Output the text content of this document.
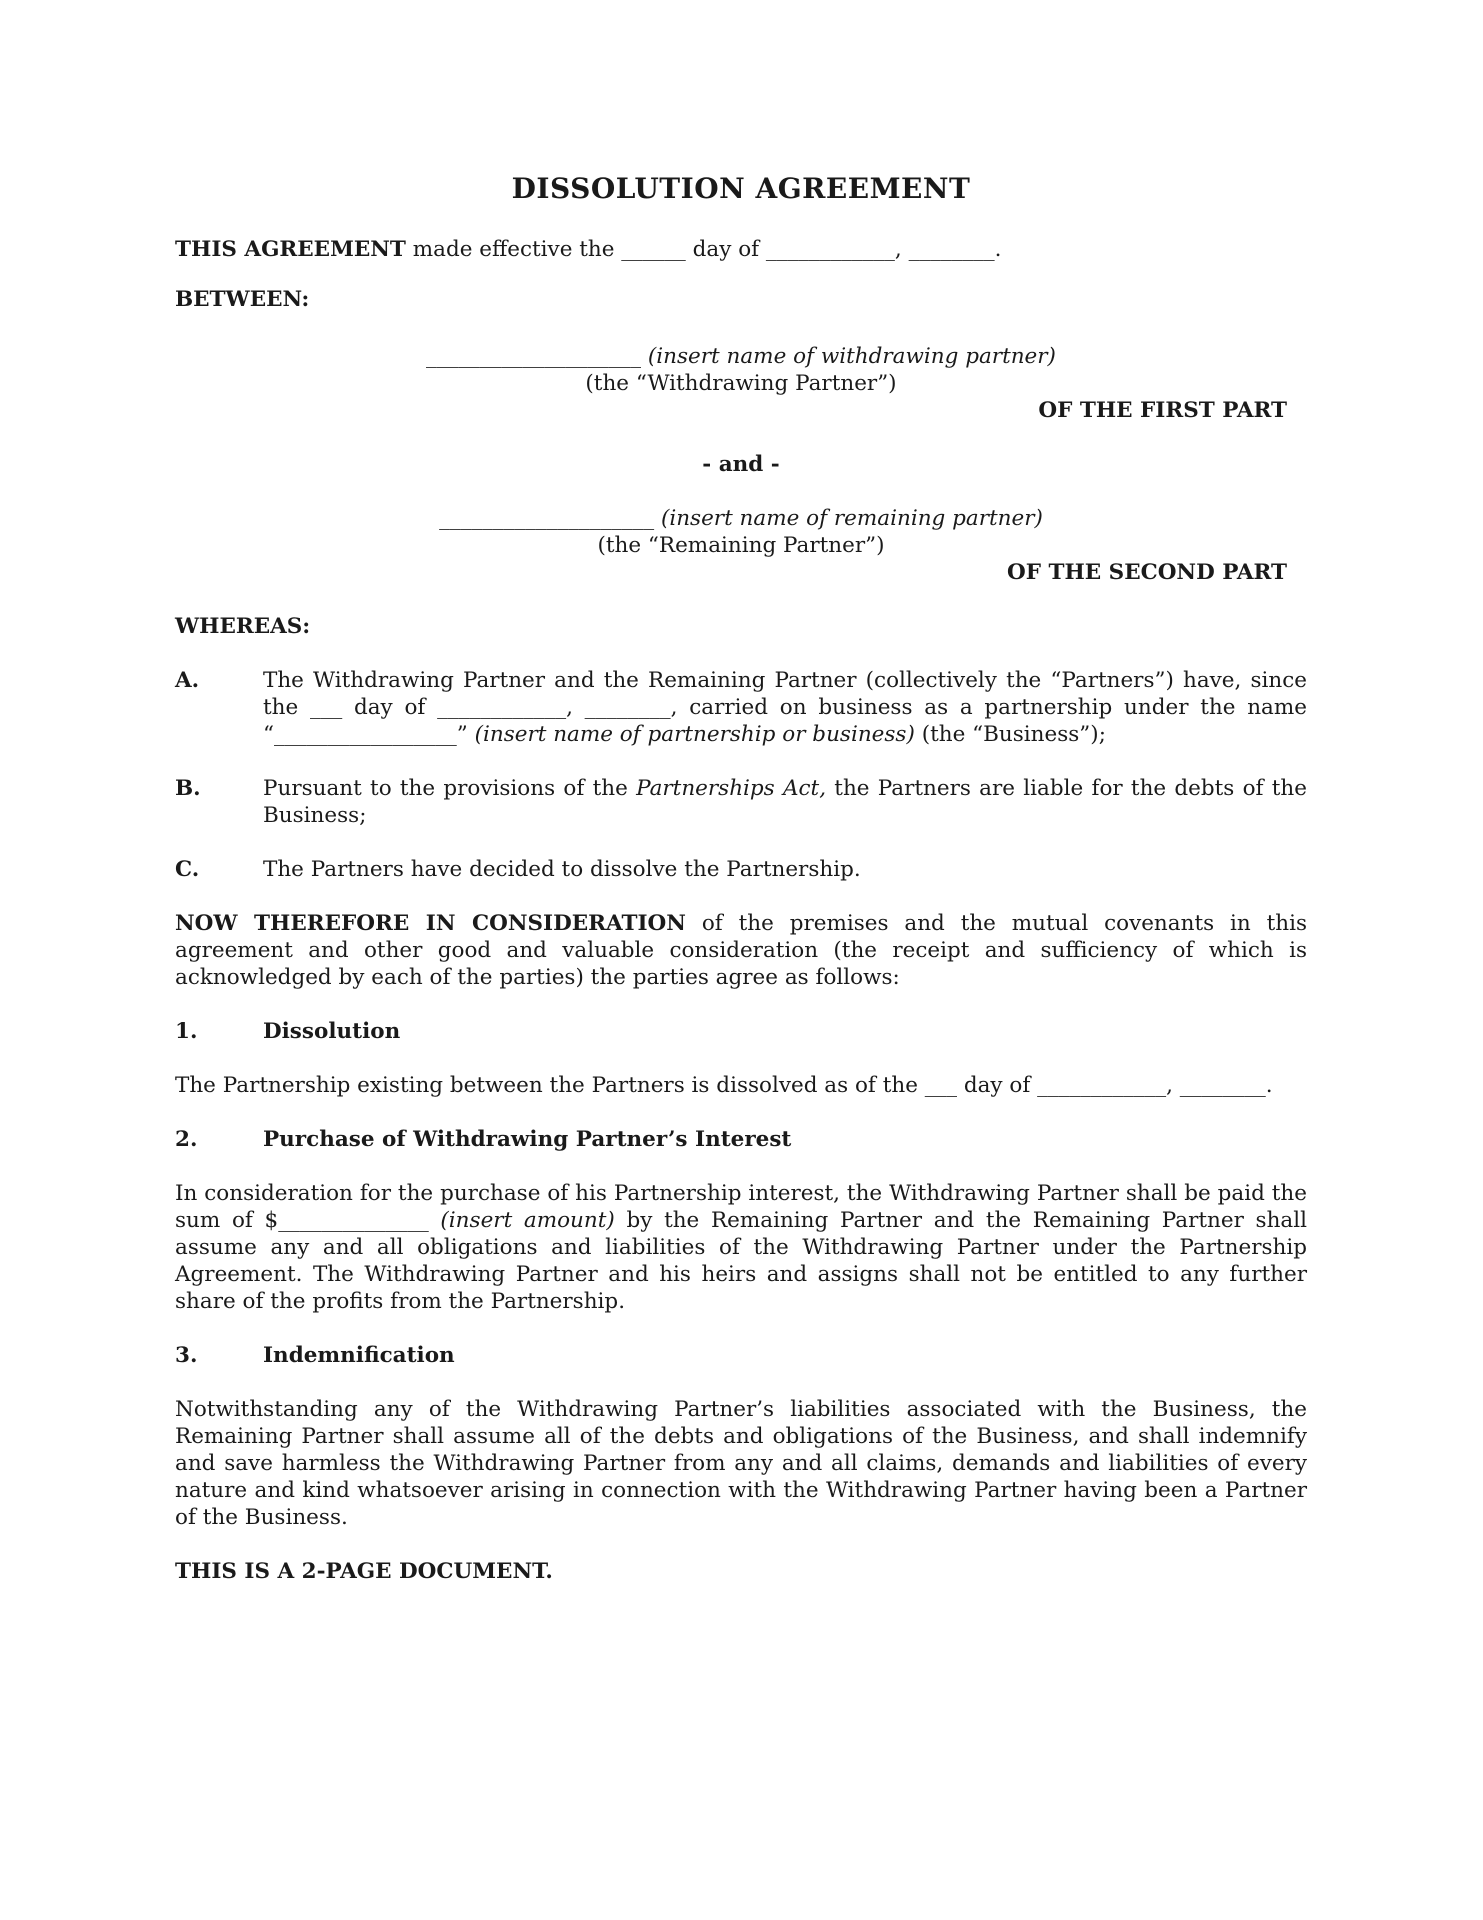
DISSOLUTION AGREEMENT

THIS AGREEMENT made effective the ______ day of ____________, ________.

BETWEEN:

____________________ (insert name of withdrawing partner)
(the “Withdrawing Partner”)

OF THE FIRST PART

- and -

____________________ (insert name of remaining partner)
(the “Remaining Partner”)

OF THE SECOND PART

WHEREAS:

A.	The Withdrawing Partner and the Remaining Partner (collectively the “Partners”) have, since the ___ day of ____________, ________, carried on business as a partnership under the name “_________________” (insert name of partnership or business) (the “Business”);
B.	Pursuant to the provisions of the Partnerships Act, the Partners are liable for the debts of the Business;
C.	The Partners have decided to dissolve the Partnership.

NOW THEREFORE IN CONSIDERATION of the premises and the mutual covenants in this agreement and other good and valuable consideration (the receipt and sufficiency of which is acknowledged by each of the parties) the parties agree as follows:

1.	Dissolution

The Partnership existing between the Partners is dissolved as of the ___ day of ____________, ________.

2.	Purchase of Withdrawing Partner’s Interest

In consideration for the purchase of his Partnership interest, the Withdrawing Partner shall be paid the sum of $______________ (insert amount) by the Remaining Partner and the Remaining Partner shall assume any and all obligations and liabilities of the Withdrawing Partner under the Partnership Agreement. The Withdrawing Partner and his heirs and assigns shall not be entitled to any further share of the profits from the Partnership.

3.	Indemnification

Notwithstanding any of the Withdrawing Partner’s liabilities associated with the Business, the Remaining Partner shall assume all of the debts and obligations of the Business, and shall indemnify and save harmless the Withdrawing Partner from any and all claims, demands and liabilities of every nature and kind whatsoever arising in connection with the Withdrawing Partner having been a Partner of the Business.

THIS IS A 2-PAGE DOCUMENT.
